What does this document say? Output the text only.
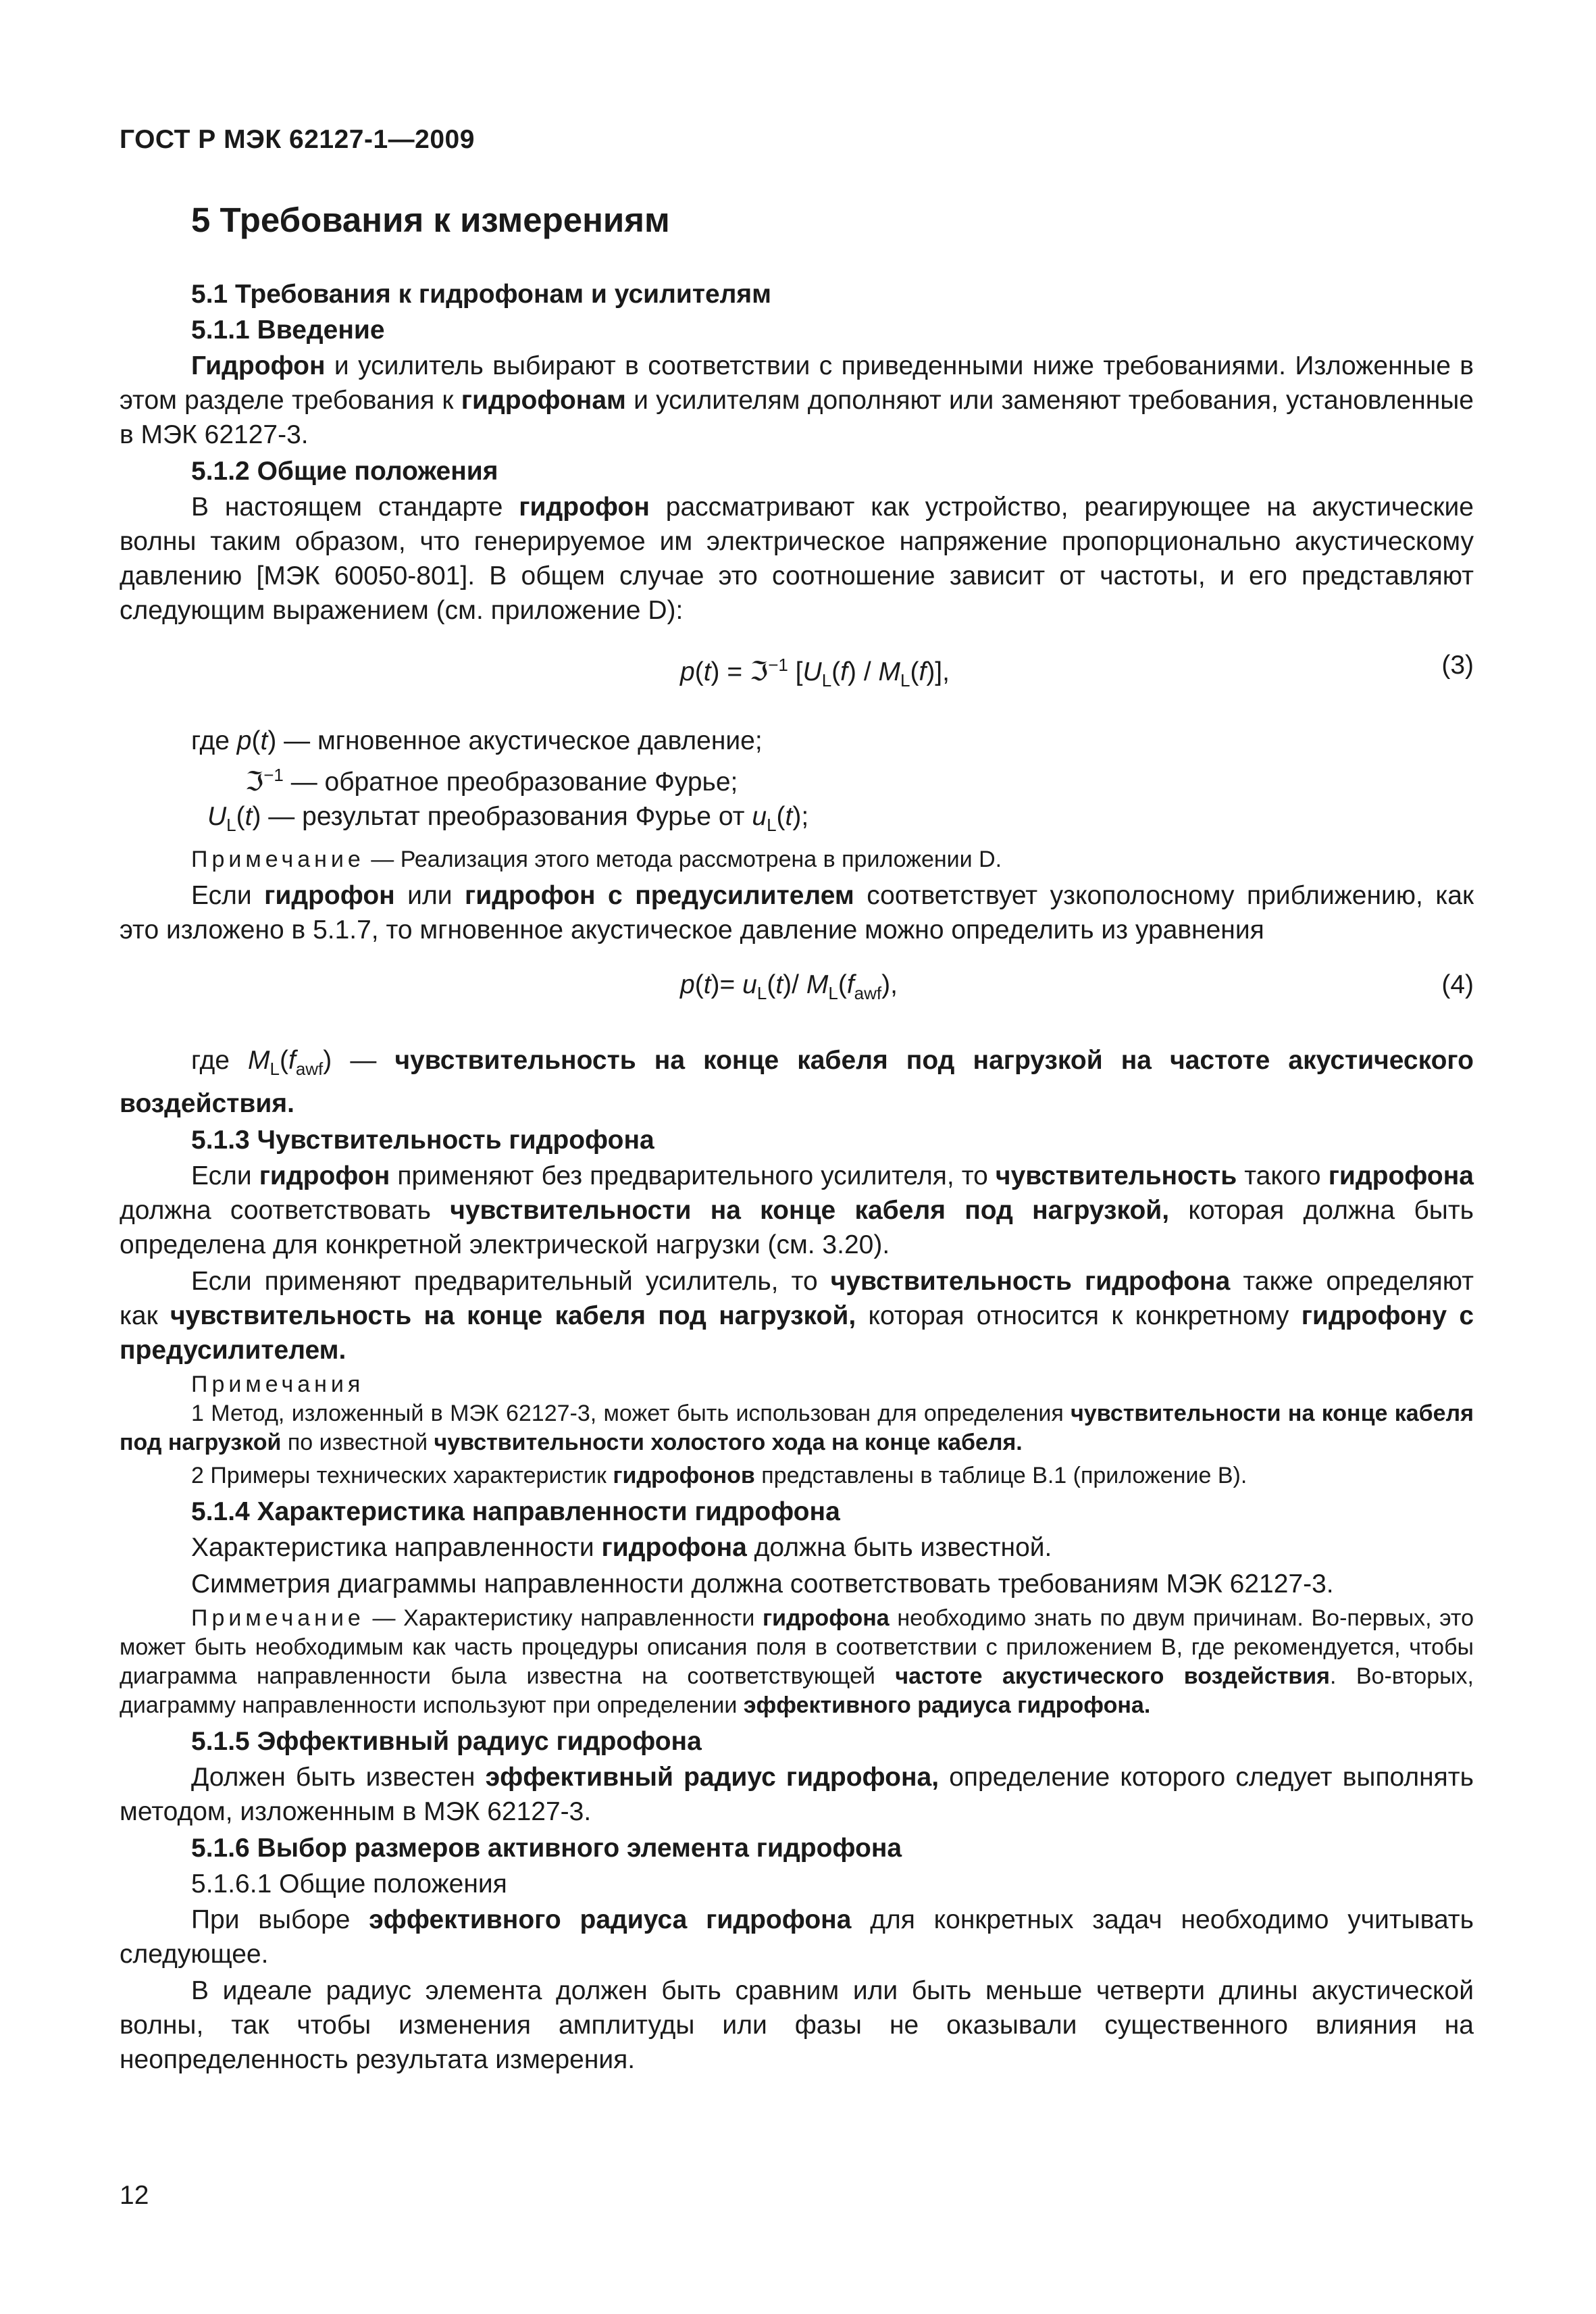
ГОСТ Р МЭК 62127-1—2009
5 Требования к измерениям
5.1 Требования к гидрофонам и усилителям
5.1.1 Введение

Гидрофон и усилитель выбирают в соответствии с приведенными ниже требованиями. Изложенные в этом разделе требования к гидрофонам и усилителям дополняют или заменяют требования, установленные в МЭК 62127-3.

5.1.2 Общие положения

В настоящем стандарте гидрофон рассматривают как устройство, реагирующее на акустические волны таким образом, что генерируемое им электрическое напряжение пропорционально акустическому давлению [МЭК 60050-801]. В общем случае это соотношение зависит от частоты, и его представляют следующим выражением (см. приложение D):

p(t) = ℑ$^{-1}$ $[U_L(f) / M_L(f)]$,	(3)

где p(t) — мгновенное акустическое давление;

ℑ$^{-1}$ — обратное преобразование Фурье;

$U_L(t)$ — результат преобразования Фурье от $u_L(t)$;

Примечание — Реализация этого метода рассмотрена в приложении D.

Если гидрофон или гидрофон с предусилителем соответствует узкополосному приближению, как это изложено в 5.1.7, то мгновенное акустическое давление можно определить из уравнения

$p(t)= u_L(t)/$ $M_L(f_{awf})$,	(4)

где $M_L(f_{awf})$ — чувствительность на конце кабеля под нагрузкой на частоте акустического воздействия.

5.1.3 Чувствительность гидрофона

Если гидрофон применяют без предварительного усилителя, то чувствительность такого гидрофона должна соответствовать чувствительности на конце кабеля под нагрузкой, которая должна быть определена для конкретной электрической нагрузки (см. 3.20).

Если применяют предварительный усилитель, то чувствительность гидрофона также определяют как чувствительность на конце кабеля под нагрузкой, которая относится к конкретному гидрофону с предусилителем.

Примечания

1 Метод, изложенный в МЭК 62127-3, может быть использован для определения чувствительности на конце кабеля под нагрузкой по известной чувствительности холостого хода на конце кабеля.

2 Примеры технических характеристик гидрофонов представлены в таблице В.1 (приложение В).

5.1.4 Характеристика направленности гидрофона

Характеристика направленности гидрофона должна быть известной.

Симметрия диаграммы направленности должна соответствовать требованиям МЭК 62127-3.

Примечание — Характеристику направленности гидрофона необходимо знать по двум причинам. Во-первых, это может быть необходимым как часть процедуры описания поля в соответствии с приложением В, где рекомендуется, чтобы диаграмма направленности была известна на соответствующей частоте акустического воздействия. Во-вторых, диаграмму направленности используют при определении эффективного радиуса гидрофона.

5.1.5 Эффективный радиус гидрофона

Должен быть известен эффективный радиус гидрофона, определение которого следует выполнять методом, изложенным в МЭК 62127-3.

5.1.6 Выбор размеров активного элемента гидрофона
5.1.6.1 Общие положения

При выборе эффективного радиуса гидрофона для конкретных задач необходимо учитывать следующее.

В идеале радиус элемента должен быть сравним или быть меньше четверти длины акустической волны, так чтобы изменения амплитуды или фазы не оказывали существенного влияния на неопределенность результата измерения.

12
